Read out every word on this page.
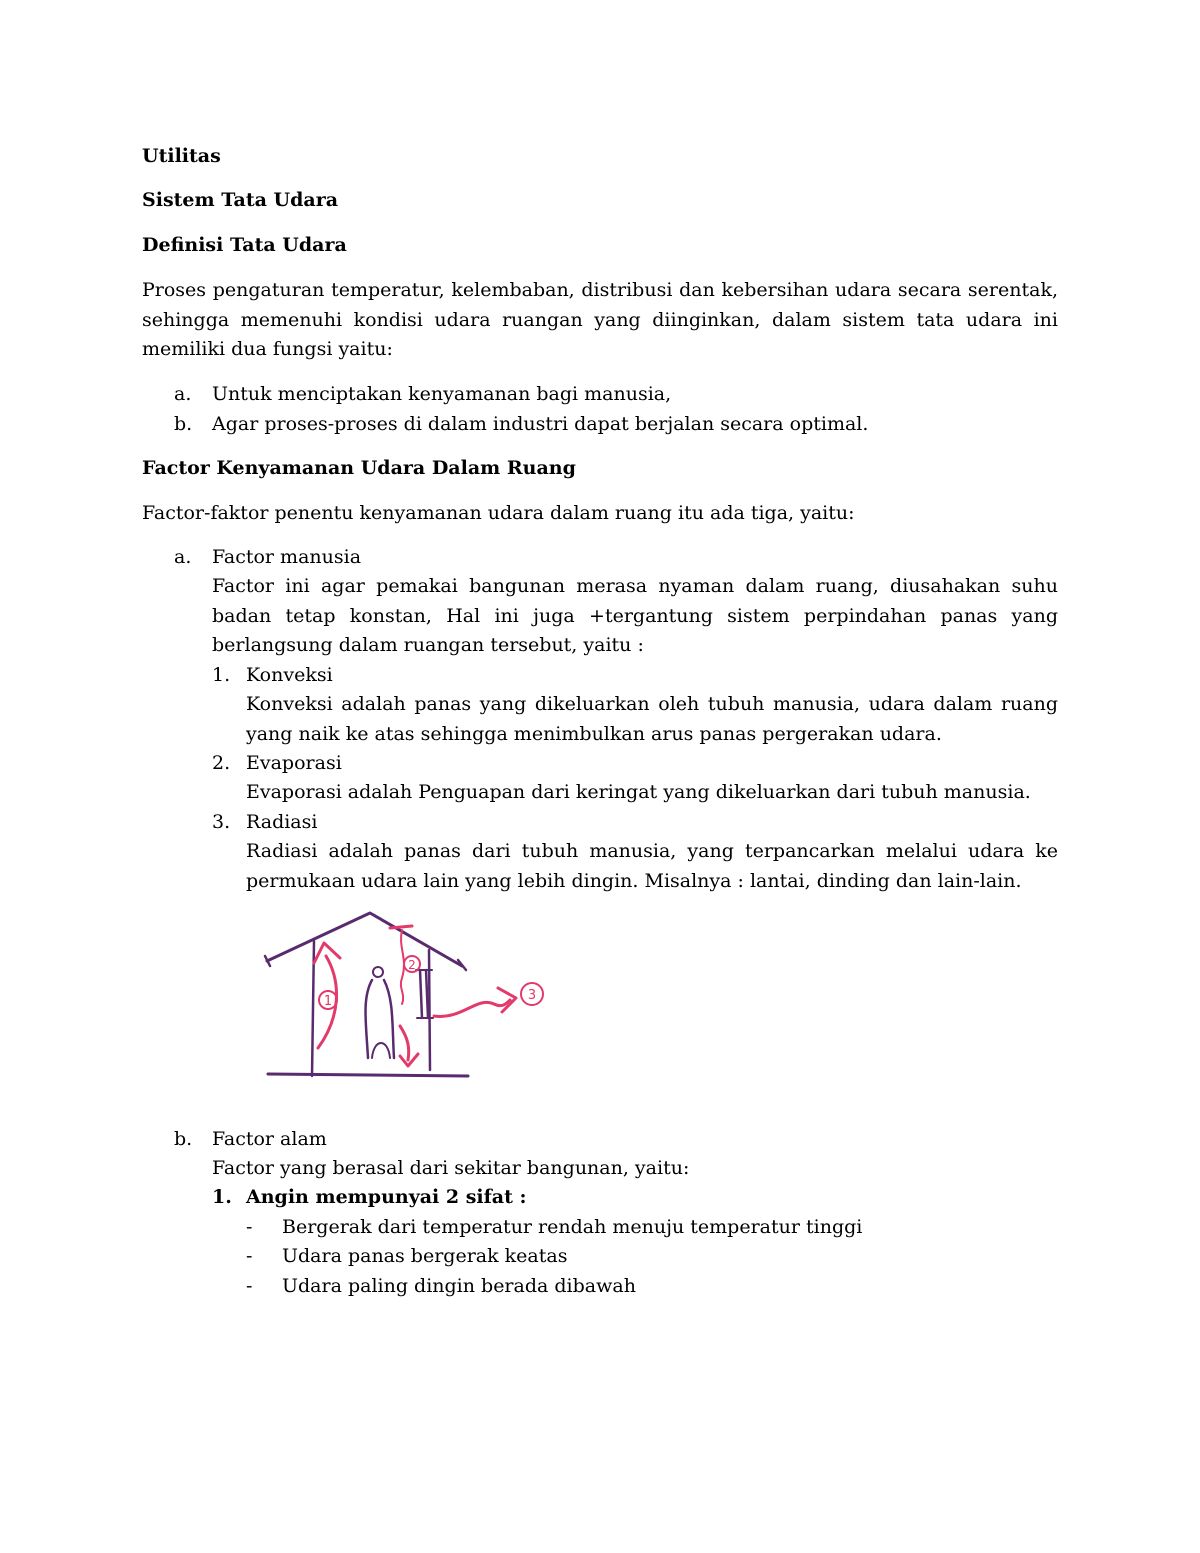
Utilitas
Sistem Tata Udara
Definisi Tata Udara
Proses pengaturan temperatur, kelembaban, distribusi dan kebersihan udara secara serentak, sehingga memenuhi kondisi udara ruangan yang diinginkan, dalam sistem tata udara ini memiliki dua fungsi yaitu:
a. Untuk menciptakan kenyamanan bagi manusia,
b. Agar proses-proses di dalam industri dapat berjalan secara optimal.
Factor Kenyamanan Udara Dalam Ruang
Factor-faktor penentu kenyamanan udara dalam ruang itu ada tiga, yaitu:
a. Factor manusia
Factor ini agar pemakai bangunan merasa nyaman dalam ruang, diusahakan suhu badan tetap konstan, Hal ini juga +tergantung sistem perpindahan panas yang berlangsung dalam ruangan tersebut, yaitu :
1. Konveksi
Konveksi adalah panas yang dikeluarkan oleh tubuh manusia, udara dalam ruang yang naik ke atas sehingga menimbulkan arus panas pergerakan udara.
2. Evaporasi
Evaporasi adalah Penguapan dari keringat yang dikeluarkan dari tubuh manusia.
3. Radiasi
Radiasi adalah panas dari tubuh manusia, yang terpancarkan melalui udara ke permukaan udara lain yang lebih dingin. Misalnya : lantai, dinding dan lain-lain.
1
2
3
b. Factor alam
Factor yang berasal dari sekitar bangunan, yaitu:
1. Angin mempunyai 2 sifat :
- Bergerak dari temperatur rendah menuju temperatur tinggi
- Udara panas bergerak keatas
- Udara paling dingin berada dibawah
